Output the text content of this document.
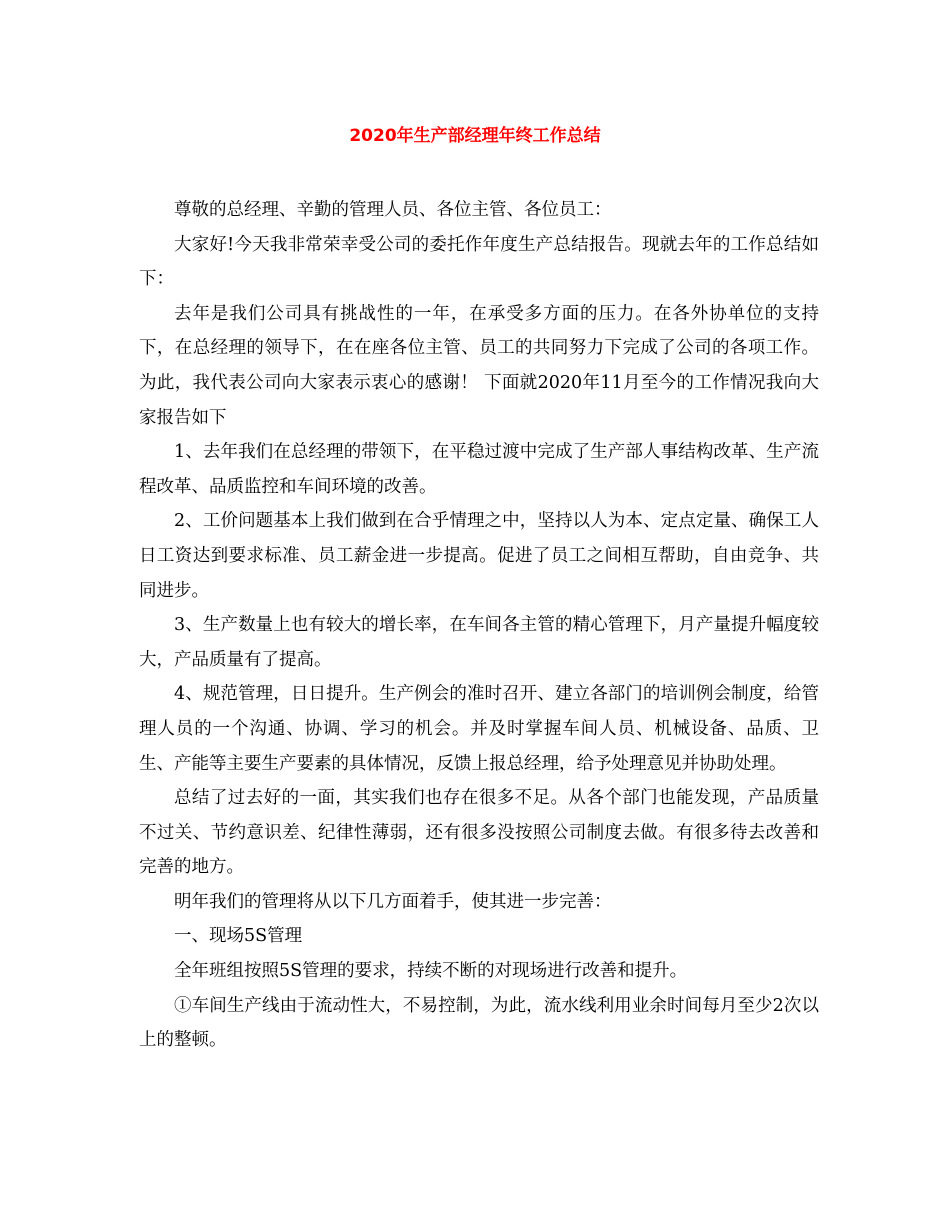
2020年生产部经理年终工作总结

尊敬的总经理、辛勤的管理人员、各位主管、各位员工：

大家好!今天我非常荣幸受公司的委托作年度生产总结报告。现就去年的工作总结如下：

去年是我们公司具有挑战性的一年，在承受多方面的压力。在各外协单位的支持下，在总经理的领导下，在在座各位主管、员工的共同努力下完成了公司的各项工作。为此，我代表公司向大家表示衷心的感谢！ 下面就2020年11月至今的工作情况我向大家报告如下

1、去年我们在总经理的带领下，在平稳过渡中完成了生产部人事结构改革、生产流程改革、品质监控和车间环境的改善。

2、工价问题基本上我们做到在合乎情理之中，坚持以人为本、定点定量、确保工人日工资达到要求标准、员工薪金进一步提高。促进了员工之间相互帮助，自由竞争、共同进步。

3、生产数量上也有较大的增长率，在车间各主管的精心管理下，月产量提升幅度较大，产品质量有了提高。

4、规范管理，日日提升。生产例会的准时召开、建立各部门的培训例会制度，给管理人员的一个沟通、协调、学习的机会。并及时掌握车间人员、机械设备、品质、卫生、产能等主要生产要素的具体情况，反馈上报总经理，给予处理意见并协助处理。

总结了过去好的一面，其实我们也存在很多不足。从各个部门也能发现，产品质量不过关、节约意识差、纪律性薄弱，还有很多没按照公司制度去做。有很多待去改善和完善的地方。

明年我们的管理将从以下几方面着手，使其进一步完善：

一、现场5S管理

全年班组按照5S管理的要求，持续不断的对现场进行改善和提升。

①车间生产线由于流动性大，不易控制，为此，流水线利用业余时间每月至少2次以上的整顿。
